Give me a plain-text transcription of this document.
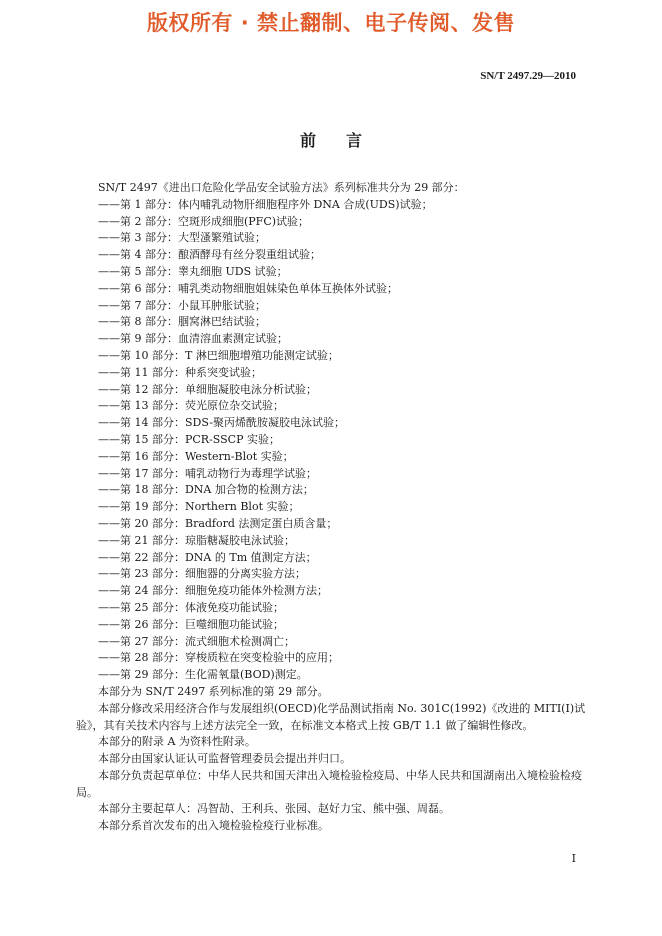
版权所有 · 禁止翻制、电子传阅、发售
SN/T 2497.29—2010
前言

SN/T 2497《进出口危险化学品安全试验方法》系列标准共分为 29 部分：

——第 1 部分：体内哺乳动物肝细胞程序外 DNA 合成(UDS)试验；

——第 2 部分：空斑形成细胞(PFC)试验；

——第 3 部分：大型溞繁殖试验；

——第 4 部分：酿酒酵母有丝分裂重组试验；

——第 5 部分：睾丸细胞 UDS 试验；

——第 6 部分：哺乳类动物细胞姐妹染色单体互换体外试验；

——第 7 部分：小鼠耳肿胀试验；

——第 8 部分：腘窝淋巴结试验；

——第 9 部分：血清溶血素测定试验；

——第 10 部分：T 淋巴细胞增殖功能测定试验；

——第 11 部分：种系突变试验；

——第 12 部分：单细胞凝胶电泳分析试验；

——第 13 部分：荧光原位杂交试验；

——第 14 部分：SDS-聚丙烯酰胺凝胶电泳试验；

——第 15 部分：PCR-SSCP 实验；

——第 16 部分：Western-Blot 实验；

——第 17 部分：哺乳动物行为毒理学试验；

——第 18 部分：DNA 加合物的检测方法；

——第 19 部分：Northern Blot 实验；

——第 20 部分：Bradford 法测定蛋白质含量；

——第 21 部分：琼脂糖凝胶电泳试验；

——第 22 部分：DNA 的 Tm 值测定方法；

——第 23 部分：细胞器的分离实验方法；

——第 24 部分：细胞免疫功能体外检测方法；

——第 25 部分：体液免疫功能试验；

——第 26 部分：巨噬细胞功能试验；

——第 27 部分：流式细胞术检测凋亡；

——第 28 部分：穿梭质粒在突变检验中的应用；

——第 29 部分：生化需氧量(BOD)测定。

本部分为 SN/T 2497 系列标准的第 29 部分。

本部分修改采用经济合作与发展组织(OECD)化学品测试指南 No. 301C(1992)《改进的 MITI(I)试验》，其有关技术内容与上述方法完全一致，在标准文本格式上按 GB/T 1.1 做了编辑性修改。

本部分的附录 A 为资料性附录。

本部分由国家认证认可监督管理委员会提出并归口。

本部分负责起草单位：中华人民共和国天津出入境检验检疫局、中华人民共和国湖南出入境检验检疫局。

本部分主要起草人：冯智劼、王利兵、张园、赵好力宝、熊中强、周磊。

本部分系首次发布的出入境检验检疫行业标准。

I
